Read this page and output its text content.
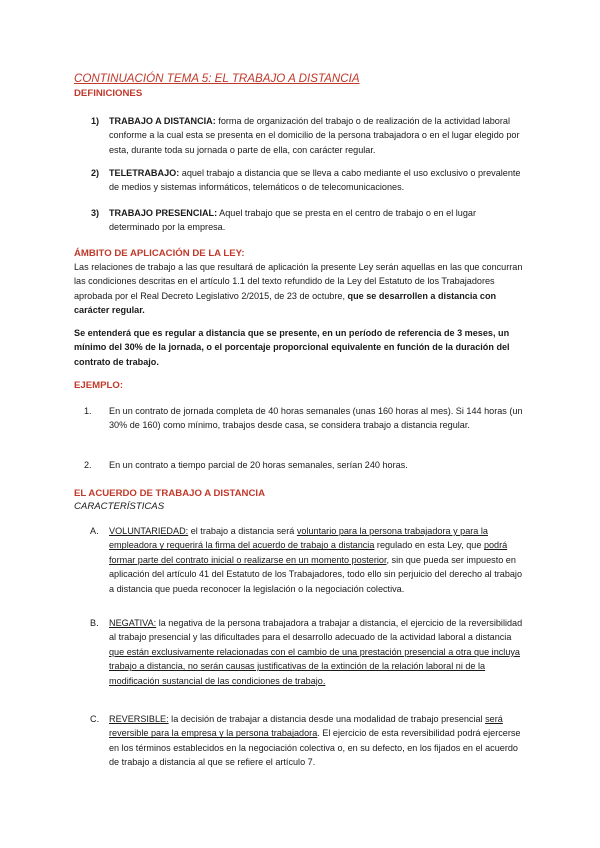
CONTINUACIÓN TEMA 5: EL TRABAJO A DISTANCIA
DEFINICIONES
1) TRABAJO A DISTANCIA: forma de organización del trabajo o de realización de la actividad laboral conforme a la cual esta se presenta en el domicilio de la persona trabajadora o en el lugar elegido por esta, durante toda su jornada o parte de ella, con carácter regular.
2) TELETRABAJO: aquel trabajo a distancia que se lleva a cabo mediante el uso exclusivo o prevalente de medios y sistemas informáticos, telemáticos o de telecomunicaciones.
3) TRABAJO PRESENCIAL: Aquel trabajo que se presta en el centro de trabajo o en el lugar determinado por la empresa.
ÁMBITO DE APLICACIÓN DE LA LEY:
Las relaciones de trabajo a las que resultará de aplicación la presente Ley serán aquellas en las que concurran las condiciones descritas en el artículo 1.1 del texto refundido de la Ley del Estatuto de los Trabajadores aprobada por el Real Decreto Legislativo 2/2015, de 23 de octubre, que se desarrollen a distancia con carácter regular.
Se entenderá que es regular a distancia que se presente, en un período de referencia de 3 meses, un mínimo del 30% de la jornada, o el porcentaje proporcional equivalente en función de la duración del contrato de trabajo.
EJEMPLO:
1. En un contrato de jornada completa de 40 horas semanales (unas 160 horas al mes). Si 144 horas (un 30% de 160) como mínimo, trabajos desde casa, se considera trabajo a distancia regular.
2. En un contrato a tiempo parcial de 20 horas semanales, serían 240 horas.
EL ACUERDO DE TRABAJO A DISTANCIA
CARACTERÍSTICAS
A. VOLUNTARIEDAD: el trabajo a distancia será voluntario para la persona trabajadora y para la empleadora y requerirá la firma del acuerdo de trabajo a distancia regulado en esta Ley, que podrá formar parte del contrato inicial o realizarse en un momento posterior, sin que pueda ser impuesto en aplicación del artículo 41 del Estatuto de los Trabajadores, todo ello sin perjuicio del derecho al trabajo a distancia que pueda reconocer la legislación o la negociación colectiva.
B. NEGATIVA: la negativa de la persona trabajadora a trabajar a distancia, el ejercicio de la reversibilidad al trabajo presencial y las dificultades para el desarrollo adecuado de la actividad laboral a distancia que están exclusivamente relacionadas con el cambio de una prestación presencial a otra que incluya trabajo a distancia, no serán causas justificativas de la extinción de la relación laboral ni de la modificación sustancial de las condiciones de trabajo.
C. REVERSIBLE: la decisión de trabajar a distancia desde una modalidad de trabajo presencial será reversible para la empresa y la persona trabajadora. El ejercicio de esta reversibilidad podrá ejercerse en los términos establecidos en la negociación colectiva o, en su defecto, en los fijados en el acuerdo de trabajo a distancia al que se refiere el artículo 7.
